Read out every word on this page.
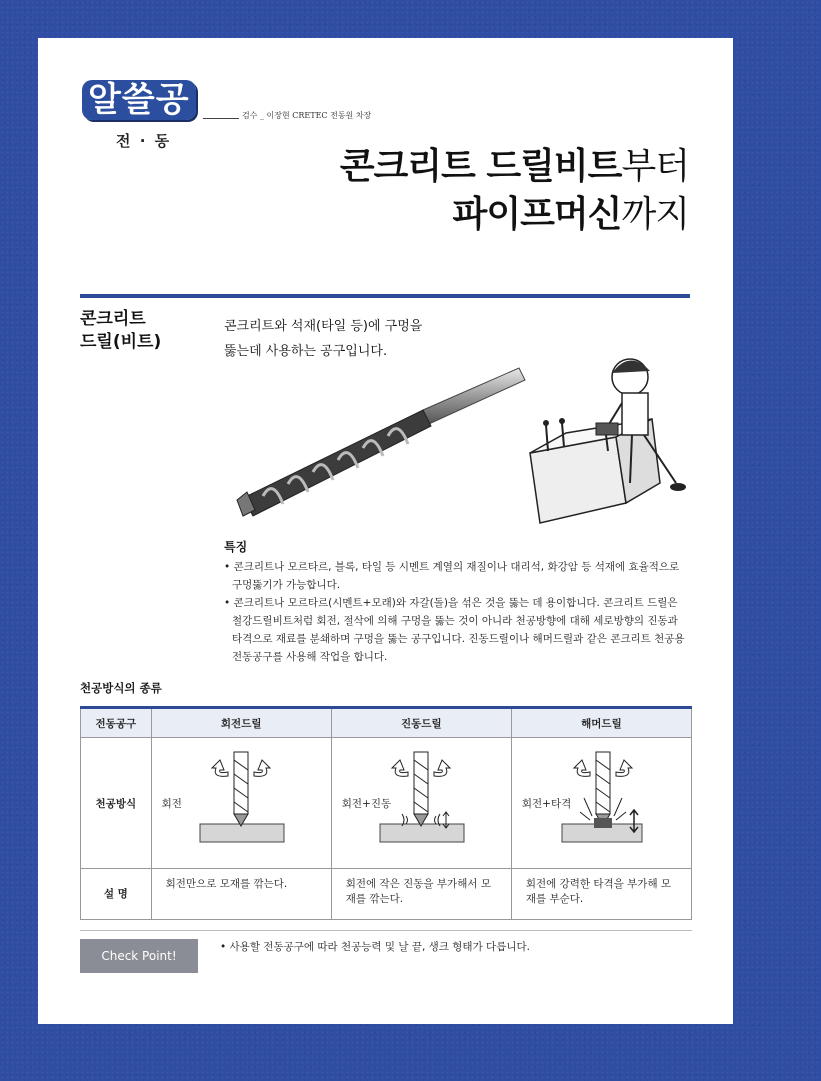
알쓸공
전 · 동
검수 _ 이장현 CRETEC 전동원 차장
콘크리트 드릴비트부터
파이프머신까지
콘크리트
드릴(비트)
콘크리트와 석재(타일 등)에 구멍을
뚫는데 사용하는 공구입니다.
특징
• 콘크리트나 모르타르, 블록, 타일 등 시멘트 계열의 재질이나 대리석, 화강암 등 석재에 효율적으로 구멍뚫기가 가능합니다.
• 콘크리트나 모르타르(시멘트+모래)와 자갈(돌)을 섞은 것을 뚫는 데 용이합니다. 콘크리트 드릴은 철강드릴비트처럼 회전, 절삭에 의해 구멍을 뚫는 것이 아니라 천공방향에 대해 세로방향의 진동과 타격으로 재료를 분쇄하며 구멍을 뚫는 공구입니다. 진동드릴이나 해머드릴과 같은 콘크리트 천공용 전동공구를 사용해 작업을 합니다.
천공방식의 종류
전동공구	회전드릴	진동드릴	해머드릴
천공방식	회전	회전+진동	회전+타격

설 명	회전만으로 모재를 깎는다.	회전에 작은 진동을 부가해서 모재를 깎는다.	회전에 강력한 타격을 부가해 모재를 부순다.
Check Point!
• 사용할 전동공구에 따라 천공능력 및 날 끝, 생크 형태가 다릅니다.
